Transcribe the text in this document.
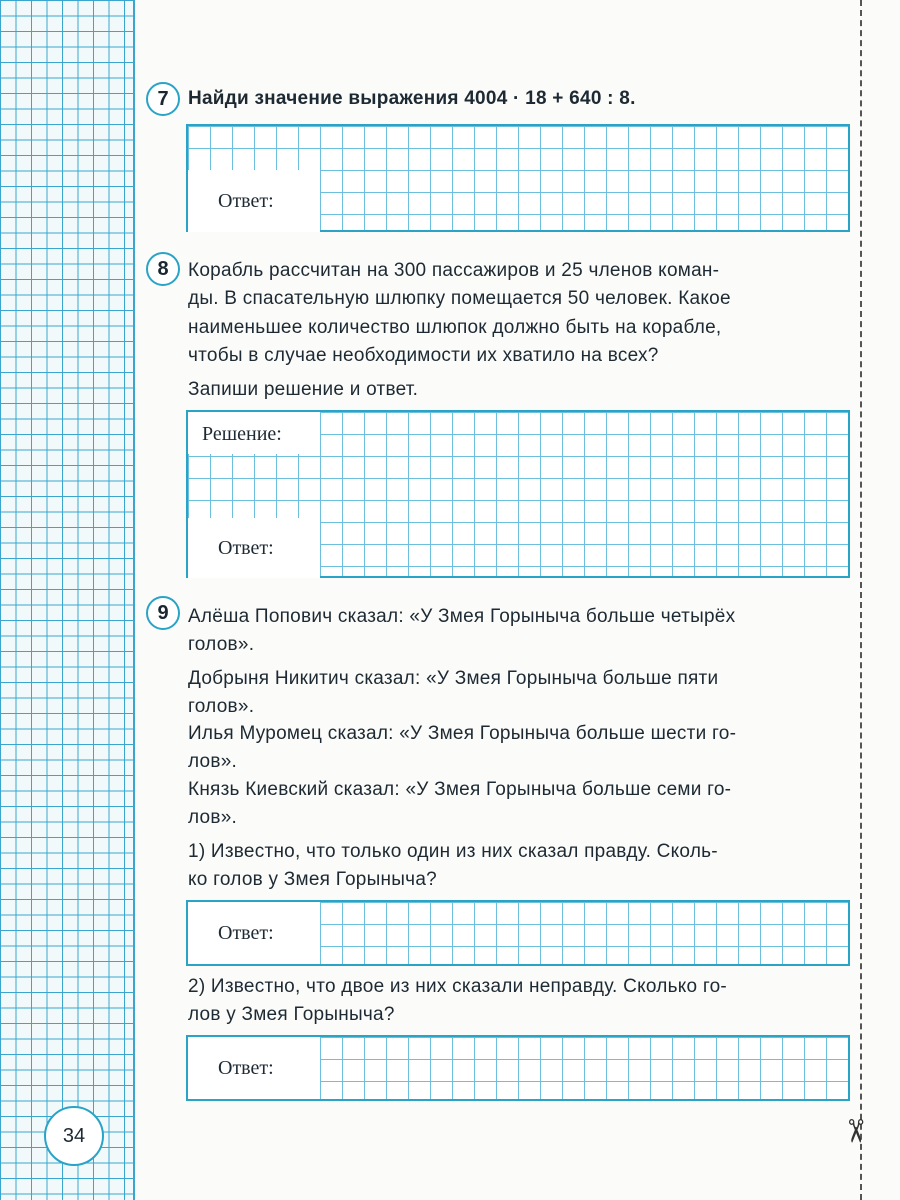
✂
7	Найди значение выражения 4004 · 18 + 640 : 8.
Ответ:
8	Корабль рассчитан на 300 пассажиров и 25 членов коман-
ды. В спасательную шлюпку помещается 50 человек. Какое
наименьшее количество шлюпок должно быть на корабле,
чтобы в случае необходимости их хватило на всех?
Запиши решение и ответ.
Решение:
Ответ:
9	Алёша Попович сказал: «У Змея Горыныча больше четырёх
голов».
Добрыня Никитич сказал: «У Змея Горыныча больше пяти
голов».
Илья Муромец сказал: «У Змея Горыныча больше шести го-
лов».
Князь Киевский сказал: «У Змея Горыныча больше семи го-
лов».
1) Известно, что только один из них сказал правду. Сколь-
ко голов у Змея Горыныча?
Ответ:
2) Известно, что двое из них сказали неправду. Сколько го-
лов у Змея Горыныча?
Ответ:
34
